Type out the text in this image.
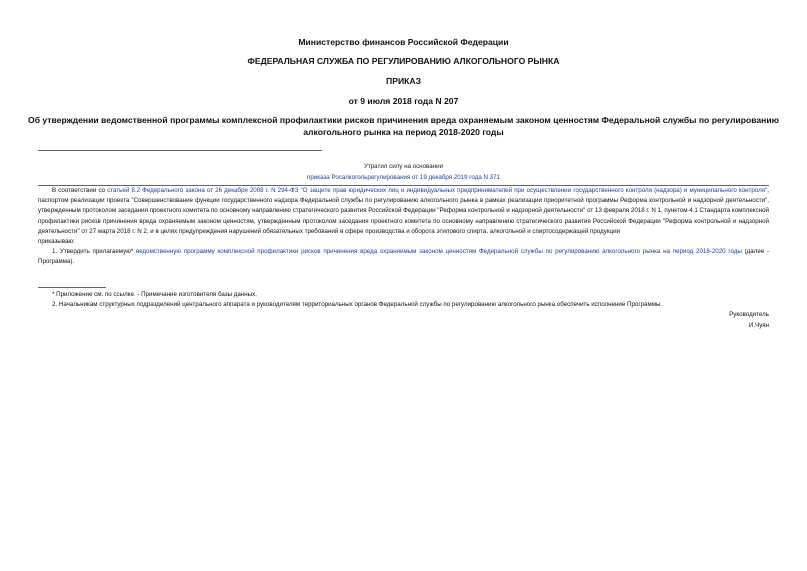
Министерство финансов Российской Федерации
ФЕДЕРАЛЬНАЯ СЛУЖБА ПО РЕГУЛИРОВАНИЮ АЛКОГОЛЬНОГО РЫНКА
ПРИКАЗ
от 9 июля 2018 года N 207
Об утверждении ведомственной программы комплексной профилактики рисков причинения вреда охраняемым законом ценностям Федеральной службы по регулированию алкогольного рынка на период 2018-2020 годы
Утратил силу на основании
приказа Росалкогольрегулирования от 19 декабря 2019 года N 371

В соответствии со статьей 8.2 Федерального закона от 26 декабря 2008 г. N 294-ФЗ "О защите прав юридических лиц и индивидуальных предпринимателей при осуществлении государственного контроля (надзора) и муниципального контроля", паспортом реализации проекта "Совершенствование функции государственного надзора Федеральной службы по регулированию алкогольного рынка в рамках реализации приоритетной программы Реформа контрольной и надзорной деятельности", утвержденным протоколом заседания проектного комитета по основному направлению стратегического развития Российской Федерации "Реформа контрольной и надзорной деятельности" от 13 февраля 2018 г. N 1, пунктом 4.1 Стандарта комплексной профилактики рисков причинения вреда охраняемым законом ценностям, утвержденным протоколом заседания проектного комитета по основному направлению стратегического развития Российской Федерации "Реформа контрольной и надзорной деятельности" от 27 марта 2018 г. N 2, и в целях предупреждения нарушений обязательных требований в сфере производства и оборота этилового спирта, алкогольной и спиртосодержащей продукции

приказываю:

1. Утвердить прилагаемую* ведомственную программу комплексной профилактики рисков причинения вреда охраняемым законом ценностям Федеральной службы по регулированию алкогольного рынка на период 2018-2020 годы (далее - Программа).

* Приложение см. по ссылке. - Примечание изготовителя базы данных.

2. Начальникам структурных подразделений центрального аппарата и руководителям территориальных органов Федеральной службы по регулированию алкогольного рынка обеспечить исполнение Программы.

Руководитель

И.Чуян
